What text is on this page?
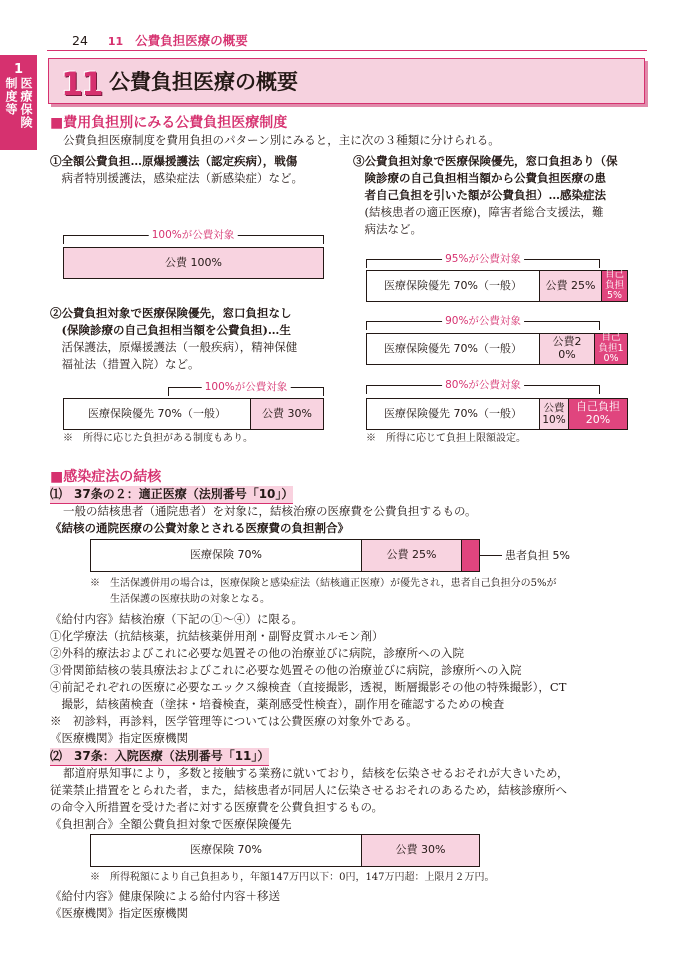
24 11 公費負担医療の概要
1
医療保険
制度等 11 公費負担医療の概要
■費用負担別にみる公費負担医療制度
公費負担医療制度を費用負担のパターン別にみると，主に次の３種類に分けられる。
①全額公費負担…原爆援護法（認定疾病），戦傷
　病者特別援護法，感染症法（新感染症）など。
100%が公費対象
公費 100%
②公費負担対象で医療保険優先，窓口負担なし
　(保険診療の自己負担相当額を公費負担)…生
　活保護法，原爆援護法（一般疾病），精神保健
　福祉法（措置入院）など。
100%が公費対象
医療保険優先 70%（一般）	公費 30%
※　所得に応じた負担がある制度もあり。
③公費負担対象で医療保険優先，窓口負担あり（保
　険診療の自己負担相当額から公費負担医療の患
　者自己負担を引いた額が公費負担）…感染症法
　(結核患者の適正医療)，障害者総合支援法，難
　病法など。
95%が公費対象
医療保険優先 70%（一般）	公費 25%
自己負担5%
90%が公費対象
医療保険優先 70%（一般）	公費20%
自己負担10%
80%が公費対象
医療保険優先 70%（一般）	公費10%
自己負担20%
※　所得に応じて負担上限額設定。
■感染症法の結核
⑴　37条の２：適正医療（法別番号「10」）
一般の結核患者（通院患者）を対象に，結核治療の医療費を公費負担するもの。
《結核の通院医療の公費対象とされる医療費の負担割合》
医療保険 70%	公費 25%	患者負担 5%
※　生活保護併用の場合は，医療保険と感染症法（結核適正医療）が優先され，患者自己負担分の5%が
　　生活保護の医療扶助の対象となる。
《給付内容》結核治療（下記の①～④）に限る。
①化学療法（抗結核薬，抗結核薬併用剤・副腎皮質ホルモン剤）
②外科的療法およびこれに必要な処置その他の治療並びに病院，診療所への入院
③骨関節結核の装具療法およびこれに必要な処置その他の治療並びに病院，診療所への入院
④前記それぞれの医療に必要なエックス線検査（直接撮影，透視，断層撮影その他の特殊撮影），CT
　撮影，結核菌検査（塗抹・培養検査，薬剤感受性検査），副作用を確認するための検査
※　初診料，再診料，医学管理等については公費医療の対象外である。
《医療機関》指定医療機関
⑵　37条：入院医療（法別番号「11」）
都道府県知事により，多数と接触する業務に就いており，結核を伝染させるおそれが大きいため，
従業禁止措置をとられた者，また，結核患者が同居人に伝染させるおそれのあるため，結核診療所へ
の命令入所措置を受けた者に対する医療費を公費負担するもの。
《負担割合》全額公費負担対象で医療保険優先
医療保険 70%	公費 30%
※　所得税額により自己負担あり，年額147万円以下：0円，147万円超：上限月２万円。
《給付内容》健康保険による給付内容＋移送
《医療機関》指定医療機関
